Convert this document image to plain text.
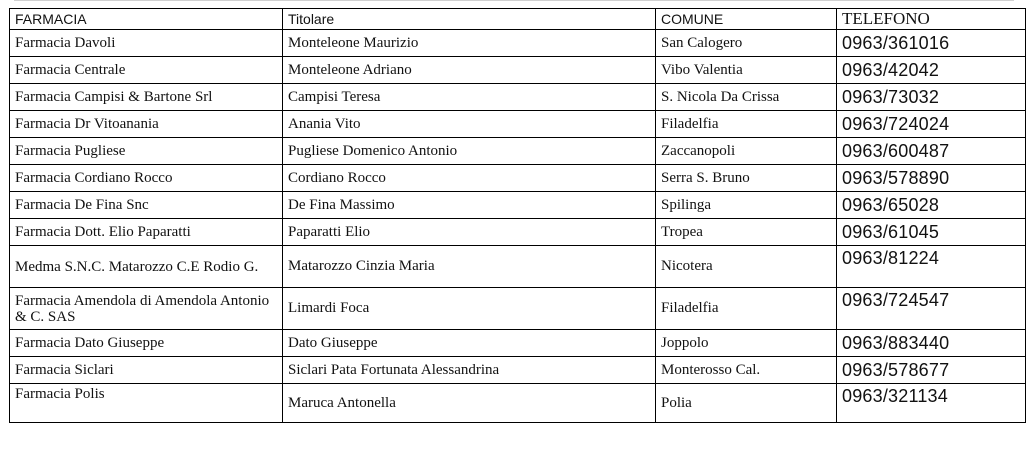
FARMACIA	Titolare	COMUNE	TELEFONO
Farmacia Davoli	Monteleone Maurizio	San Calogero	0963/361016
Farmacia Centrale	Monteleone Adriano	Vibo Valentia	0963/42042
Farmacia Campisi & Bartone Srl	Campisi Teresa	S. Nicola Da Crissa	0963/73032
Farmacia Dr Vitoanania	Anania Vito	Filadelfia	0963/724024
Farmacia Pugliese	Pugliese Domenico Antonio	Zaccanopoli	0963/600487
Farmacia Cordiano Rocco	Cordiano Rocco	Serra S. Bruno	0963/578890
Farmacia De Fina Snc	De Fina Massimo	Spilinga	0963/65028
Farmacia Dott. Elio Paparatti	Paparatti Elio	Tropea	0963/61045
Medma S.N.C. Matarozzo C.E Rodio G.	Matarozzo Cinzia Maria	Nicotera	0963/81224
Farmacia Amendola di Amendola Antonio & C. SAS	Limardi Foca	Filadelfia	0963/724547
Farmacia Dato Giuseppe	Dato Giuseppe	Joppolo	0963/883440
Farmacia Siclari	Siclari Pata Fortunata Alessandrina	Monterosso Cal.	0963/578677
Farmacia Polis	Maruca Antonella	Polia	0963/321134
